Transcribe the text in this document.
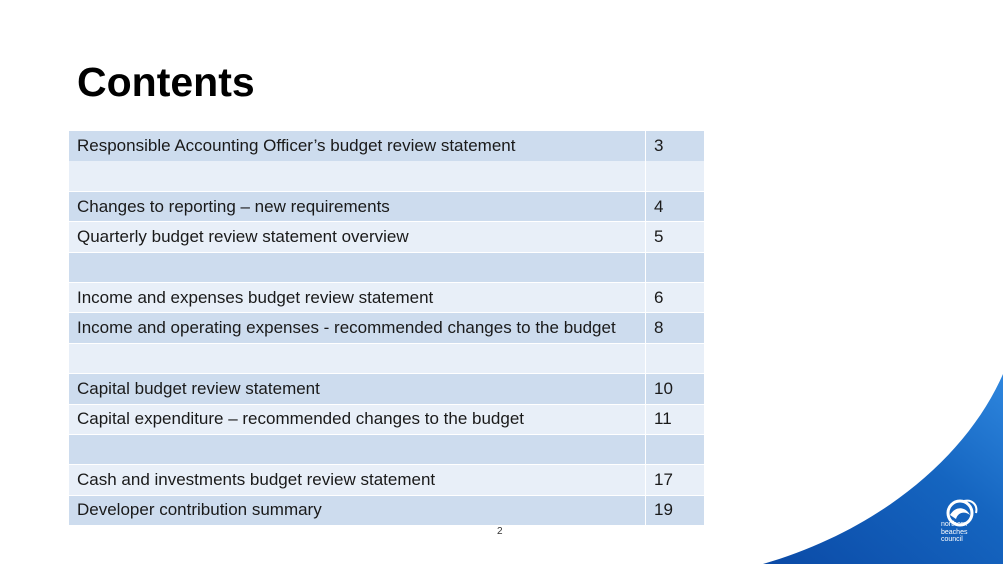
Contents
Responsible Accounting Officer’s budget review statement	3
Changes to reporting – new requirements	4
Quarterly budget review statement overview	5
Income and expenses budget review statement	6
Income and operating expenses - recommended changes to the budget	8
Capital budget review statement	10
Capital expenditure – recommended changes to the budget	11
Cash and investments budget review statement	17
Developer contribution summary	19
2
northern
beaches
council
